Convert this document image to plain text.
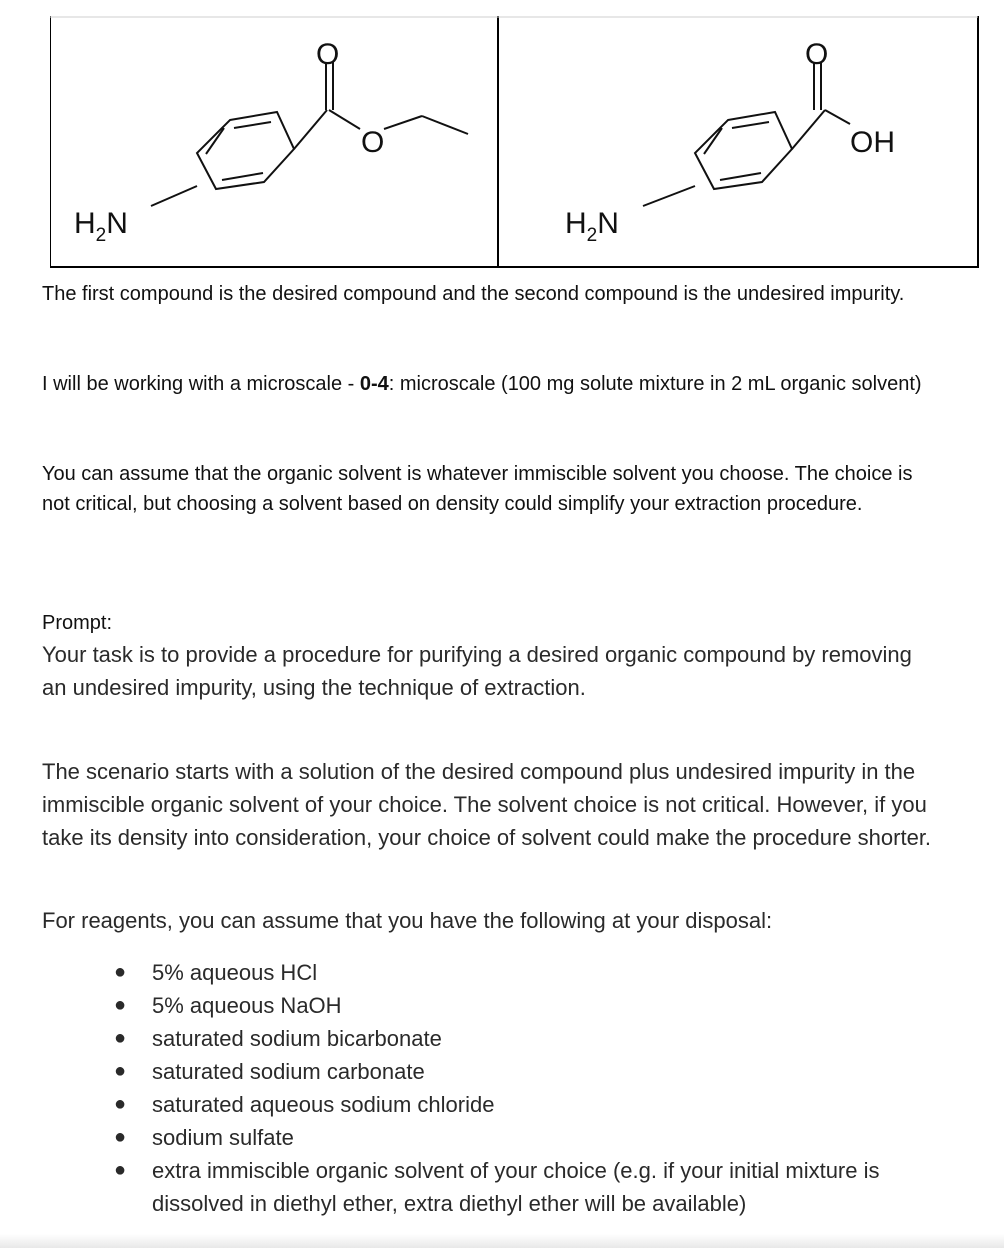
O
O
$H_2N$
O
OH
$H_2N$

The first compound is the desired compound and the second compound is the undesired impurity.

I will be working with a microscale - 0-4: microscale (100 mg solute mixture in 2 mL organic solvent)

You can assume that the organic solvent is whatever immiscible solvent you choose. The choice is not critical, but choosing a solvent based on density could simplify your extraction procedure.

Prompt:

Your task is to provide a procedure for purifying a desired organic compound by removing an undesired impurity, using the technique of extraction.

The scenario starts with a solution of the desired compound plus undesired impurity in the immiscible organic solvent of your choice. The solvent choice is not critical. However, if you take its density into consideration, your choice of solvent could make the procedure shorter.

For reagents, you can assume that you have the following at your disposal:

● 5% aqueous HCl
● 5% aqueous NaOH
● saturated sodium bicarbonate
● saturated sodium carbonate
● saturated aqueous sodium chloride
● sodium sulfate
● extra immiscible organic solvent of your choice (e.g. if your initial mixture is dissolved in diethyl ether, extra diethyl ether will be available)
